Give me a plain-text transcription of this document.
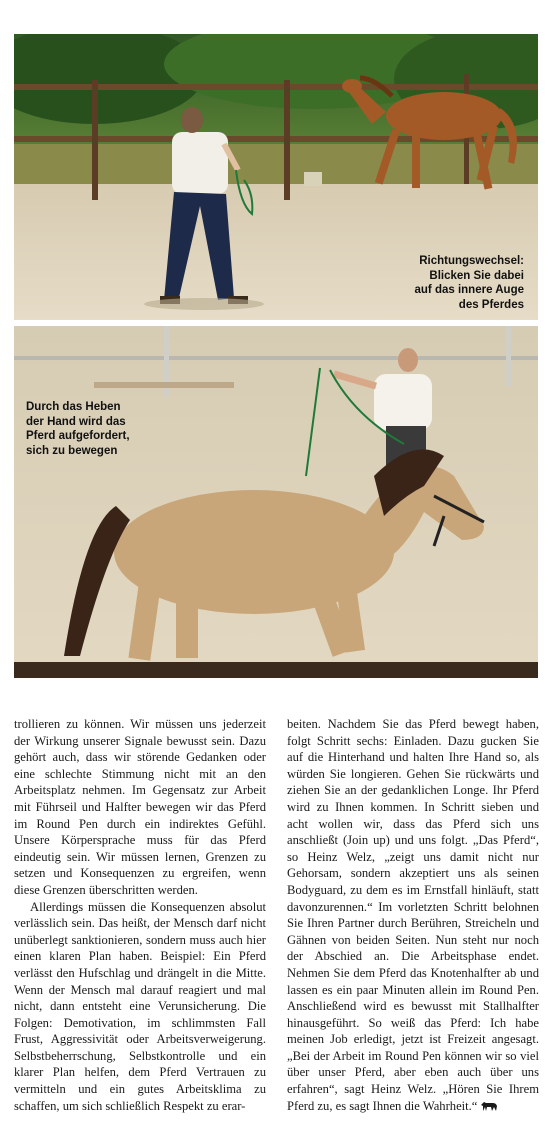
Richtungswechsel:
Blicken Sie dabei
auf das innere Auge
des Pferdes
Durch das Heben
der Hand wird das
Pferd aufgefordert,
sich zu bewegen

trollieren zu können. Wir müssen uns jederzeit der Wirkung unserer Signale bewusst sein. Dazu gehört auch, dass wir störende Gedanken oder eine schlechte Stimmung nicht mit an den Arbeitsplatz nehmen. Im Gegensatz zur Arbeit mit Führseil und Halfter bewegen wir das Pferd im Round Pen durch ein indirektes Gefühl. Unsere Körpersprache muss für das Pferd eindeutig sein. Wir müssen lernen, Grenzen zu setzen und Konsequenzen zu ergreifen, wenn diese Grenzen überschritten werden.

Allerdings müssen die Konsequenzen absolut verlässlich sein. Das heißt, der Mensch darf nicht unüberlegt sanktionieren, sondern muss auch hier einen klaren Plan haben. Beispiel: Ein Pferd verlässt den Hufschlag und drängelt in die Mitte. Wenn der Mensch mal darauf reagiert und mal nicht, dann entsteht eine Verunsicherung. Die Folgen: Demotivation, im schlimmsten Fall Frust, Aggressivität oder Arbeitsverweigerung. Selbstbeherrschung, Selbstkontrolle und ein klarer Plan helfen, dem Pferd Vertrauen zu vermitteln und ein gutes Arbeitsklima zu schaffen, um sich schließlich Respekt zu erar-

beiten. Nachdem Sie das Pferd bewegt haben, folgt Schritt sechs: Einladen. Dazu gucken Sie auf die Hinterhand und halten Ihre Hand so, als würden Sie longieren. Gehen Sie rückwärts und ziehen Sie an der gedanklichen Longe. Ihr Pferd wird zu Ihnen kommen. In Schritt sieben und acht wollen wir, dass das Pferd sich uns anschließt (Join up) und uns folgt. „Das Pferd“, so Heinz Welz, „zeigt uns damit nicht nur Gehorsam, sondern akzeptiert uns als seinen Bodyguard, zu dem es im Ernstfall hinläuft, statt davonzurennen.“ Im vorletzten Schritt belohnen Sie Ihren Partner durch Berühren, Streicheln und Gähnen von beiden Seiten. Nun steht nur noch der Abschied an. Die Arbeitsphase endet. Nehmen Sie dem Pferd das Knotenhalfter ab und lassen es ein paar Minuten allein im Round Pen. Anschließend wird es bewusst mit Stallhalfter hinausgeführt. So weiß das Pferd: Ich habe meinen Job erledigt, jetzt ist Freizeit angesagt. „Bei der Arbeit im Round Pen können wir so viel über unser Pferd, aber eben auch über uns erfahren“, sagt Heinz Welz. „Hören Sie Ihrem Pferd zu, es sagt Ihnen die Wahrheit.“
